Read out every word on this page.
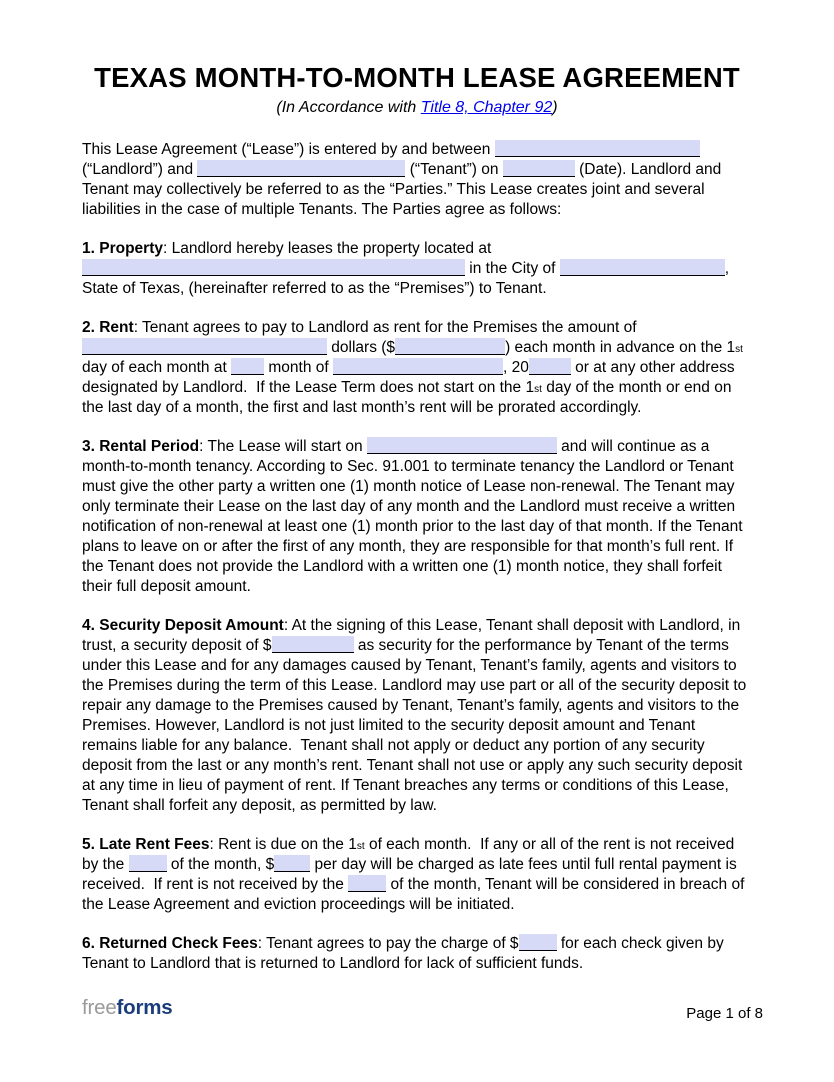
TEXAS MONTH-TO-MONTH LEASE AGREEMENT
(In Accordance with Title 8, Chapter 92)

This Lease Agreement (“Lease”) is entered by and between  (“Landlord”) and	(“Tenant”) on	(Date). Landlord and Tenant may collectively be referred to as the “Parties.” This Lease creates joint and several liabilities in the case of multiple Tenants. The Parties agree as follows:

1. Property: Landlord hereby leases the property located at  in the City of	, State of Texas, (hereinafter referred to as the “Premises”) to Tenant.

2. Rent: Tenant agrees to pay to Landlord as rent for the Premises the amount of  dollars ($	) each month in advance on the 1st day of each month at  month of	, 20	or at any other address designated by Landlord.  If the Lease Term does not start on the 1st day of the month or end on the last day of a month, the first and last month’s rent will be prorated accordingly.

3. Rental Period: The Lease will start on	and will continue as a month-to-month tenancy. According to Sec. 91.001 to terminate tenancy the Landlord or Tenant must give the other party a written one (1) month notice of Lease non-renewal. The Tenant may only terminate their Lease on the last day of any month and the Landlord must receive a written notification of non-renewal at least one (1) month prior to the last day of that month. If the Tenant plans to leave on or after the first of any month, they are responsible for that month’s full rent. If the Tenant does not provide the Landlord with a written one (1) month notice, they shall forfeit their full deposit amount.

4. Security Deposit Amount: At the signing of this Lease, Tenant shall deposit with Landlord, in trust, a security deposit of $	as security for the performance by Tenant of the terms under this Lease and for any damages caused by Tenant, Tenant’s family, agents and visitors to the Premises during the term of this Lease. Landlord may use part or all of the security deposit to repair any damage to the Premises caused by Tenant, Tenant’s family, agents and visitors to the Premises. However, Landlord is not just limited to the security deposit amount and Tenant remains liable for any balance.  Tenant shall not apply or deduct any portion of any security deposit from the last or any month’s rent. Tenant shall not use or apply any such security deposit at any time in lieu of payment of rent. If Tenant breaches any terms or conditions of this Lease, Tenant shall forfeit any deposit, as permitted by law.

5. Late Rent Fees: Rent is due on the 1st of each month.  If any or all of the rent is not received by the  of the month, $ per day will be charged as late fees until full rental payment is received.  If rent is not received by the  of the month, Tenant will be considered in breach of the Lease Agreement and eviction proceedings will be initiated.

6. Returned Check Fees: Tenant agrees to pay the charge of $ for each check given by Tenant to Landlord that is returned to Landlord for lack of sufficient funds.

freeforms	Page 1 of 8
